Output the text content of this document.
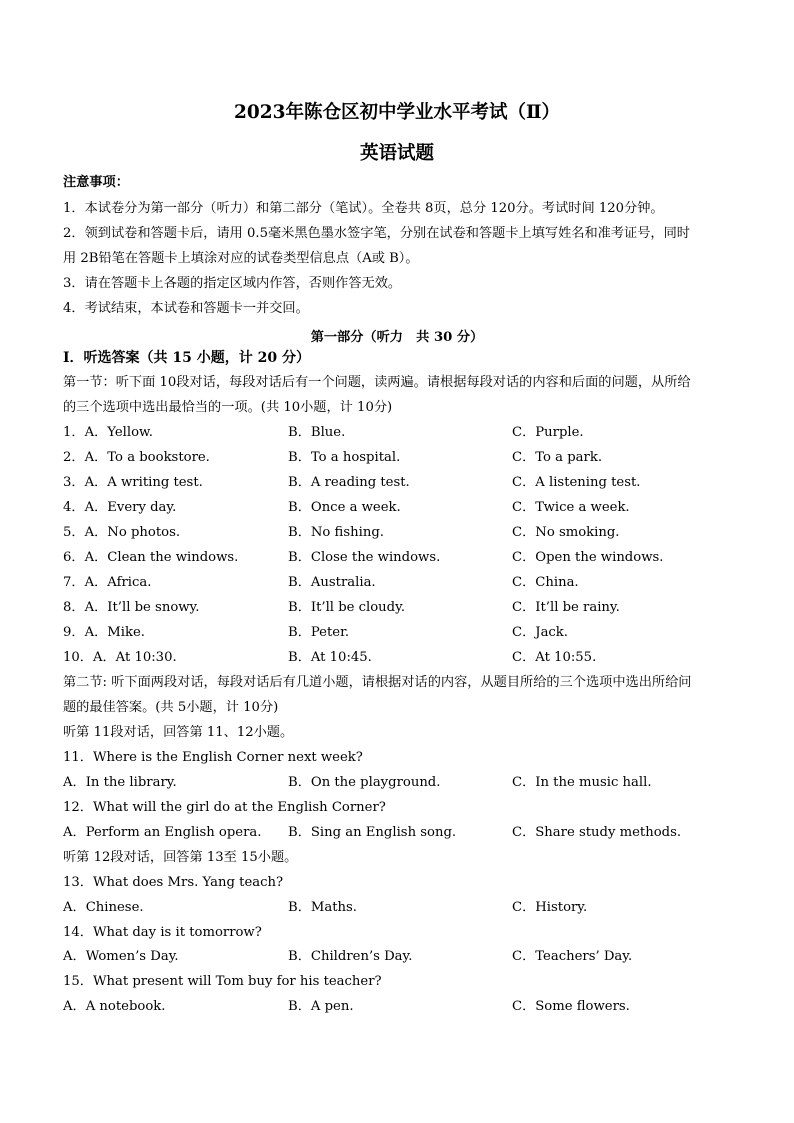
2023年陈仓区初中学业水平考试（Ⅱ）
英语试题
注意事项：
1．本试卷分为第一部分（听力）和第二部分（笔试）。全卷共 8页，总分 120分。考试时间 120分钟。
2．领到试卷和答题卡后，请用 0.5毫米黑色墨水签字笔，分别在试卷和答题卡上填写姓名和准考证号，同时
用 2B铅笔在答题卡上填涂对应的试卷类型信息点（A或 B）。
3．请在答题卡上各题的指定区域内作答，否则作答无效。
4．考试结束，本试卷和答题卡一并交回。
第一部分（听力　共 30 分）
Ⅰ．听选答案（共 15 小题，计 20 分）
第一节：听下面 10段对话，每段对话后有一个问题，读两遍。请根据每段对话的内容和后面的问题，从所给
的三个选项中选出最恰当的一项。(共 10小题，计 10分)
1．A．Yellow.	B．Blue.	C．Purple.
2．A．To a bookstore.	B．To a hospital.	C．To a park.
3．A．A writing test.	B．A reading test.	C．A listening test.
4．A．Every day.	B．Once a week.	C．Twice a week.
5．A．No photos.	B．No fishing.	C．No smoking.
6．A．Clean the windows.	B．Close the windows.	C．Open the windows.
7．A．Africa.	B．Australia.	C．China.
8．A．It’ll be snowy.	B．It’ll be cloudy.	C．It’ll be rainy.
9．A．Mike.	B．Peter.	C．Jack.
10．A．At 10:30.	B．At 10:45.	C．At 10:55.
第二节: 听下面两段对话，每段对话后有几道小题，请根据对话的内容，从题目所给的三个选项中选出所给问
题的最佳答案。(共 5小题，计 10分)
听第 11段对话，回答第 11、12小题。
11．Where is the English Corner next week?
A．In the library.	B．On the playground.	C．In the music hall.
12．What will the girl do at the English Corner?
A．Perform an English opera. B．Sing an English song.	C．Share study methods.
听第 12段对话，回答第 13至 15小题。
13．What does Mrs. Yang teach?
A．Chinese.	B．Maths.	C．History.
14．What day is it tomorrow?
A．Women’s Day.	B．Children’s Day.	C．Teachers’ Day.
15．What present will Tom buy for his teacher?
A．A notebook.	B．A pen.	C．Some flowers.
